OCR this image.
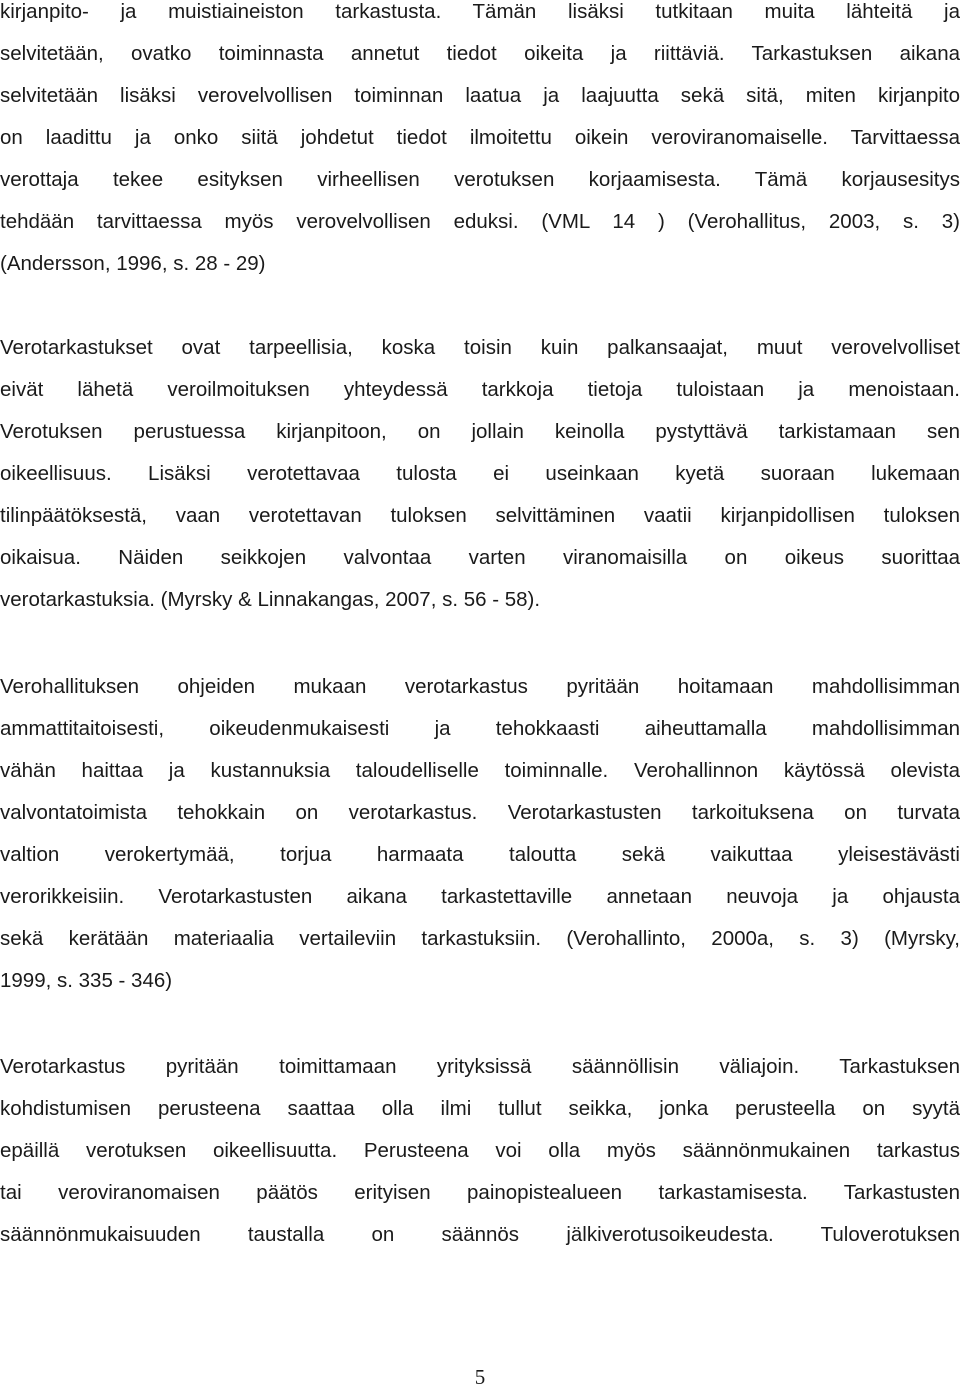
kirjanpito- ja muistiaineiston tarkastusta. Tämän lisäksi tutkitaan muita lähteitä ja
selvitetään, ovatko toiminnasta annetut tiedot oikeita ja riittäviä. Tarkastuksen aikana
selvitetään lisäksi verovelvollisen toiminnan laatua ja laajuutta sekä sitä, miten kirjanpito
on laadittu ja onko siitä johdetut tiedot ilmoitettu oikein veroviranomaiselle. Tarvittaessa
verottaja tekee esityksen virheellisen verotuksen korjaamisesta. Tämä korjausesitys
tehdään tarvittaessa myös verovelvollisen eduksi. (VML 14 ) (Verohallitus, 2003, s. 3)
(Andersson, 1996, s. 28 - 29)
Verotarkastukset ovat tarpeellisia, koska toisin kuin palkansaajat, muut verovelvolliset
eivät lähetä veroilmoituksen yhteydessä tarkkoja tietoja tuloistaan ja menoistaan.
Verotuksen perustuessa kirjanpitoon, on jollain keinolla pystyttävä tarkistamaan sen
oikeellisuus. Lisäksi verotettavaa tulosta ei useinkaan kyetä suoraan lukemaan
tilinpäätöksestä, vaan verotettavan tuloksen selvittäminen vaatii kirjanpidollisen tuloksen
oikaisua. Näiden seikkojen valvontaa varten viranomaisilla on oikeus suorittaa
verotarkastuksia. (Myrsky & Linnakangas, 2007, s. 56 - 58).
Verohallituksen ohjeiden mukaan verotarkastus pyritään hoitamaan mahdollisimman
ammattitaitoisesti, oikeudenmukaisesti ja tehokkaasti aiheuttamalla mahdollisimman
vähän haittaa ja kustannuksia taloudelliselle toiminnalle. Verohallinnon käytössä olevista
valvontatoimista tehokkain on verotarkastus. Verotarkastusten tarkoituksena on turvata
valtion verokertymää, torjua harmaata taloutta sekä vaikuttaa yleisestävästi
verorikkeisiin. Verotarkastusten aikana tarkastettaville annetaan neuvoja ja ohjausta
sekä kerätään materiaalia vertaileviin tarkastuksiin. (Verohallinto, 2000a, s. 3) (Myrsky,
1999, s. 335 - 346)
Verotarkastus pyritään toimittamaan yrityksissä säännöllisin väliajoin. Tarkastuksen
kohdistumisen perusteena saattaa olla ilmi tullut seikka, jonka perusteella on syytä
epäillä verotuksen oikeellisuutta. Perusteena voi olla myös säännönmukainen tarkastus
tai veroviranomaisen päätös erityisen painopistealueen tarkastamisesta. Tarkastusten
säännönmukaisuuden taustalla on säännös jälkiverotusoikeudesta. Tuloverotuksen
5
